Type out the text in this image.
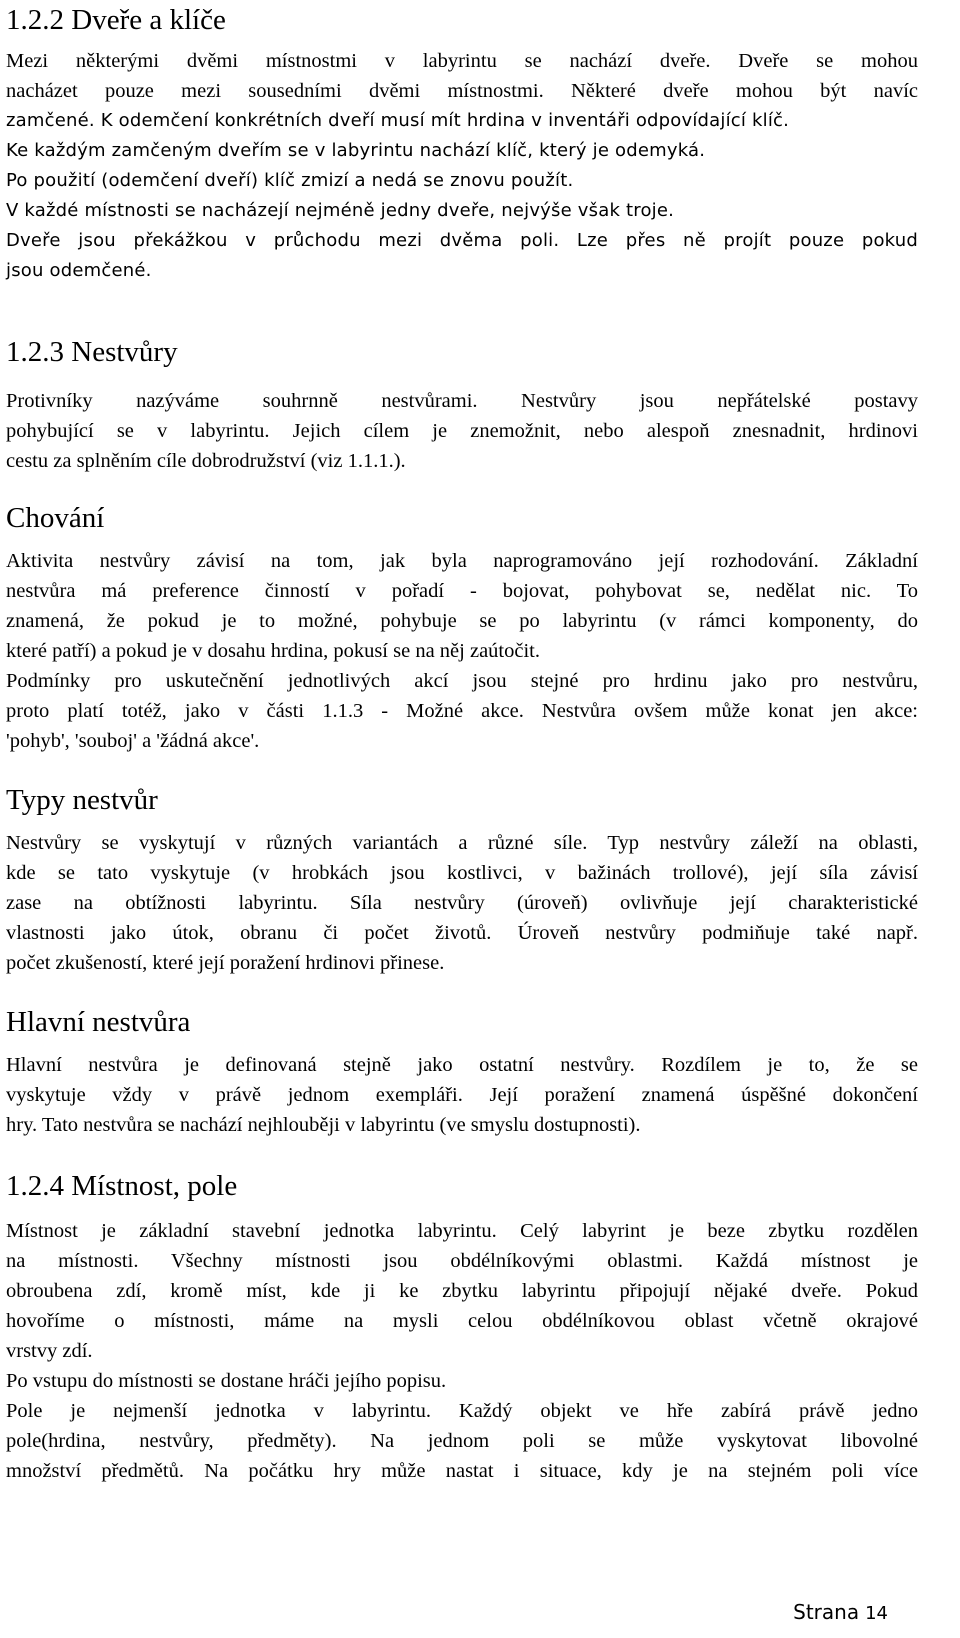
1.2.2 Dveře a klíče
Mezi některými dvěmi místnostmi v labyrintu se nachází dveře. Dveře se mohou
nacházet pouze mezi sousedními dvěmi místnostmi. Některé dveře mohou být navíc
zamčené. K odemčení konkrétních dveří musí mít hrdina v inventáři odpovídající klíč.
Ke každým zamčeným dveřím se v labyrintu nachází klíč, který je odemyká.
Po použití (odemčení dveří) klíč zmizí a nedá se znovu použít.
V každé místnosti se nacházejí nejméně jedny dveře, nejvýše však troje.
Dveře jsou překážkou v průchodu mezi dvěma poli. Lze přes ně projít pouze pokud
jsou odemčené.
1.2.3 Nestvůry
Protivníky nazýváme souhrnně nestvůrami. Nestvůry jsou nepřátelské postavy
pohybující se v labyrintu. Jejich cílem je znemožnit, nebo alespoň znesnadnit, hrdinovi
cestu za splněním cíle dobrodružství (viz 1.1.1.).
Chování
Aktivita nestvůry závisí na tom, jak byla naprogramováno její rozhodování. Základní
nestvůra má preference činností v pořadí - bojovat, pohybovat se, nedělat nic. To
znamená, že pokud je to možné, pohybuje se po labyrintu (v rámci komponenty, do
které patří) a pokud je v dosahu hrdina, pokusí se na něj zaútočit.
Podmínky pro uskutečnění jednotlivých akcí jsou stejné pro hrdinu jako pro nestvůru,
proto platí totéž, jako v části 1.1.3 - Možné akce. Nestvůra ovšem může konat jen akce:
'pohyb', 'souboj' a 'žádná akce'.
Typy nestvůr
Nestvůry se vyskytují v různých variantách a různé síle. Typ nestvůry záleží na oblasti,
kde se tato vyskytuje (v hrobkách jsou kostlivci, v bažinách trollové), její síla závisí
zase na obtížnosti labyrintu. Síla nestvůry (úroveň) ovlivňuje její charakteristické
vlastnosti jako útok, obranu či počet životů. Úroveň nestvůry podmiňuje také např.
počet zkušeností, které její poražení hrdinovi přinese.
Hlavní nestvůra
Hlavní nestvůra je definovaná stejně jako ostatní nestvůry. Rozdílem je to, že se
vyskytuje vždy v právě jednom exempláři. Její poražení znamená úspěšné dokončení
hry. Tato nestvůra se nachází nejhlouběji v labyrintu (ve smyslu dostupnosti).
1.2.4 Místnost, pole
Místnost je základní stavební jednotka labyrintu. Celý labyrint je beze zbytku rozdělen
na místnosti. Všechny místnosti jsou obdélníkovými oblastmi. Každá místnost je
obroubena zdí, kromě míst, kde ji ke zbytku labyrintu připojují nějaké dveře. Pokud
hovoříme o místnosti, máme na mysli celou obdélníkovou oblast včetně okrajové
vrstvy zdí.
Po vstupu do místnosti se dostane hráči jejího popisu.
Pole je nejmenší jednotka v labyrintu. Každý objekt ve hře zabírá právě jedno
pole(hrdina, nestvůry, předměty). Na jednom poli se může vyskytovat libovolné
množství předmětů. Na počátku hry může nastat i situace, kdy je na stejném poli více
Strana 14
